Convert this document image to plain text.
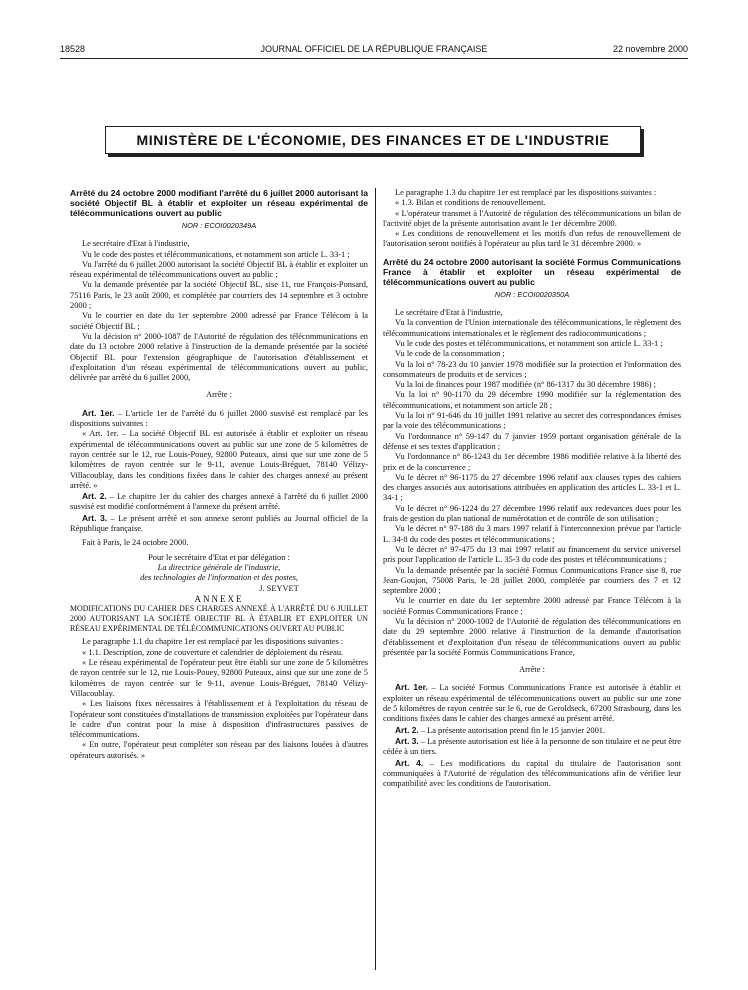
18528	JOURNAL OFFICIEL DE LA RÉPUBLIQUE FRANÇAISE	22 novembre 2000
MINISTÈRE DE L'ÉCONOMIE, DES FINANCES ET DE L'INDUSTRIE

Arrêté du 24 octobre 2000 modifiant l'arrêté du 6 juillet 2000 autorisant la société Objectif BL à établir et exploiter un réseau expérimental de télécommunications ouvert au public

NOR : ECOI0020349A

Le secrétaire d'Etat à l'industrie,

Vu le code des postes et télécommunications, et notamment son article L. 33-1 ;

Vu l'arrêté du 6 juillet 2000 autorisant la société Objectif BL à établir et exploiter un réseau expérimental de télécommunications ouvert au public ;

Vu la demande présentée par la société Objectif BL, sise 11, rue François-Ponsard, 75116 Paris, le 23 août 2000, et complétée par courriers des 14 septembre et 3 octobre 2000 ;

Vu le courrier en date du 1er septembre 2000 adressé par France Télécom à la société Objectif BL ;

Vu la décision n° 2000-1087 de l'Autorité de régulation des télécommunications en date du 13 octobre 2000 relative à l'instruction de la demande présentée par la société Objectif BL pour l'extension géographique de l'autorisation d'établissement et d'exploitation d'un réseau expérimental de télécommunications ouvert au public, délivrée par arrêté du 6 juillet 2000,

Arrête :

Art. 1er. – L'article 1er de l'arrêté du 6 juillet 2000 susvisé est remplacé par les dispositions suivantes :

« Art. 1er. – La société Objectif BL est autorisée à établir et exploiter un réseau expérimental de télécommunications ouvert au public sur une zone de 5 kilomètres de rayon centrée sur le 12, rue Louis-Pouey, 92800 Puteaux, ainsi que sur une zone de 5 kilomètres de rayon centrée sur le 9-11, avenue Louis-Bréguet, 78140 Vélizy-Villacoublay, dans les conditions fixées dans le cahier des charges annexé au présent arrêté. »

Art. 2. – Le chapitre 1er du cahier des charges annexé à l'arrêté du 6 juillet 2000 susvisé est modifié conformément à l'annexe du présent arrêté.

Art. 3. – Le présent arrêté et son annexe seront publiés au Journal officiel de la République française.

Fait à Paris, le 24 octobre 2000.

Pour le secrétaire d'Etat et par délégation :

La directrice générale de l'industrie,

des technologies de l'information et des postes,

J. SEYVET

ANNEXE

MODIFICATIONS DU CAHIER DES CHARGES ANNEXÉ À L'ARRÊTÉ DU 6 JUILLET 2000 AUTORISANT LA SOCIÉTÉ OBJECTIF BL À ÉTABLIR ET EXPLOITER UN RÉSEAU EXPÉRIMENTAL DE TÉLÉCOMMUNICATIONS OUVERT AU PUBLIC

Le paragraphe 1.1 du chapitre 1er est remplacé par les dispositions suivantes :

« 1.1. Description, zone de couverture et calendrier de déploiement du réseau.

« Le réseau expérimental de l'opérateur peut être établi sur une zone de 5 kilomètres de rayon centrée sur le 12, rue Louis-Pouey, 92800 Puteaux, ainsi que sur une zone de 5 kilomètres de rayon centrée sur le 9-11, avenue Louis-Bréguet, 78140 Vélizy-Villacoublay.

« Les liaisons fixes nécessaires à l'établissement et à l'exploitation du réseau de l'opérateur sont constituées d'installations de transmission exploitées par l'opérateur dans le cadre d'un contrat pour la mise à disposition d'infrastructures passives de télécommunications.

« En outre, l'opérateur peut compléter son réseau par des liaisons louées à d'autres opérateurs autorisés. »

Le paragraphe 1.3 du chapitre 1er est remplacé par les dispositions suivantes :

« 1.3. Bilan et conditions de renouvellement.

« L'opérateur transmet à l'Autorité de régulation des télécommunications un bilan de l'activité objet de la présente autorisation avant le 1er décembre 2000.

« Les conditions de renouvellement et les motifs d'un refus de renouvellement de l'autorisation seront notifiés à l'opérateur au plus tard le 31 décembre 2000. »

Arrêté du 24 octobre 2000 autorisant la société Formus Communications France à établir et exploiter un réseau expérimental de télécommunications ouvert au public

NOR : ECOI0020350A

Le secrétaire d'Etat à l'industrie,

Vu la convention de l'Union internationale des télécommunications, le règlement des télécommunications internationales et le règlement des radiocommunications ;

Vu le code des postes et télécommunications, et notamment son article L. 33-1 ;

Vu le code de la consommation ;

Vu la loi n° 78-23 du 10 janvier 1978 modifiée sur la protection et l'information des consommateurs de produits et de services ;

Vu la loi de finances pour 1987 modifiée (n° 86-1317 du 30 décembre 1986) ;

Vu la loi n° 90-1170 du 29 décembre 1990 modifiée sur la réglementation des télécommunications, et notamment son article 28 ;

Vu la loi n° 91-646 du 10 juillet 1991 relative au secret des correspondances émises par la voie des télécommunications ;

Vu l'ordonnance n° 59-147 du 7 janvier 1959 portant organisation générale de la défense et ses textes d'application ;

Vu l'ordonnance n° 86-1243 du 1er décembre 1986 modifiée relative à la liberté des prix et de la concurrence ;

Vu le décret n° 96-1175 du 27 décembre 1996 relatif aux clauses types des cahiers des charges associés aux autorisations attribuées en application des articles L. 33-1 et L. 34-1 ;

Vu le décret n° 96-1224 du 27 décembre 1996 relatif aux redevances dues pour les frais de gestion du plan national de numérotation et de contrôle de son utilisation ;

Vu le décret n° 97-188 du 3 mars 1997 relatif à l'interconnexion prévue par l'article L. 34-8 du code des postes et télécommunications ;

Vu le décret n° 97-475 du 13 mai 1997 relatif au financement du service universel pris pour l'application de l'article L. 35-3 du code des postes et télécommunications ;

Vu la demande présentée par la société Formus Communications France sise 8, rue Jean-Goujon, 75008 Paris, le 28 juillet 2000, complétée par courriers des 7 et 12 septembre 2000 ;

Vu le courrier en date du 1er septembre 2000 adressé par France Télécom à la société Formus Communications France ;

Vu la décision n° 2000-1002 de l'Autorité de régulation des télécommunications en date du 29 septembre 2000 relative à l'instruction de la demande d'autorisation d'établissement et d'exploitation d'un réseau de télécommunications ouvert au public présentée par la société Formus Communications France,

Arrête :

Art. 1er. – La société Formus Communications France est autorisée à établir et exploiter un réseau expérimental de télécommunications ouvert au public sur une zone de 5 kilomètres de rayon centrée sur le 6, rue de Geroldseck, 67200 Strasbourg, dans les conditions fixées dans le cahier des charges annexé au présent arrêté.

Art. 2. – La présente autorisation prend fin le 15 janvier 2001.

Art. 3. – La présente autorisation est liée à la personne de son titulaire et ne peut être cédée à un tiers.

Art. 4. – Les modifications du capital du titulaire de l'autorisation sont communiquées à l'Autorité de régulation des télécommunications afin de vérifier leur compatibilité avec les conditions de l'autorisation.
